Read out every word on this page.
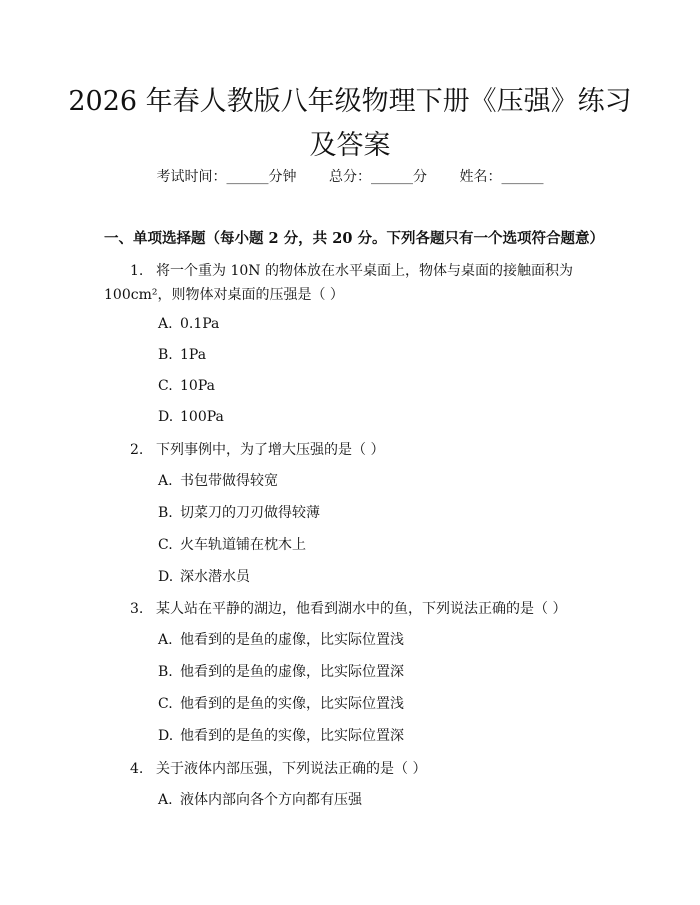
2026 年春人教版八年级物理下册《压强》练习及答案
考试时间：______分钟 总分：______分 姓名：______
一、单项选择题（每小题 2 分，共 20 分。下列各题只有一个选项符合题意）
1. 将一个重为 10N 的物体放在水平桌面上，物体与桌面的接触面积为 100cm²，则物体对桌面的压强是（ ）
A. 0.1Pa
B. 1Pa
C. 10Pa
D. 100Pa
2. 下列事例中，为了增大压强的是（ ）
A. 书包带做得较宽
B. 切菜刀的刀刃做得较薄
C. 火车轨道铺在枕木上
D. 深水潜水员
3. 某人站在平静的湖边，他看到湖水中的鱼，下列说法正确的是（ ）
A. 他看到的是鱼的虚像，比实际位置浅
B. 他看到的是鱼的虚像，比实际位置深
C. 他看到的是鱼的实像，比实际位置浅
D. 他看到的是鱼的实像，比实际位置深
4. 关于液体内部压强，下列说法正确的是（ ）
A. 液体内部向各个方向都有压强
